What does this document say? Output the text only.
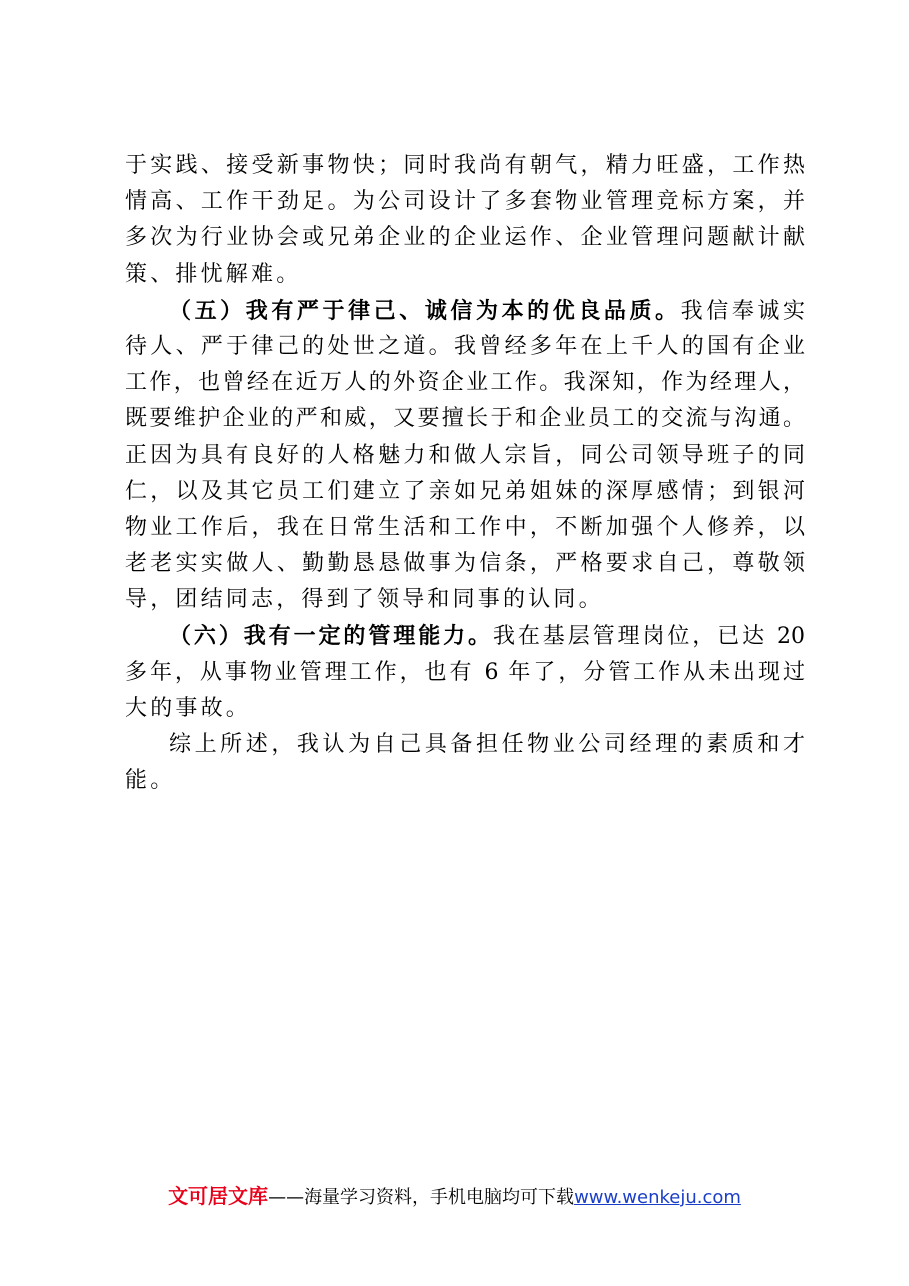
于实践、接受新事物快；同时我尚有朝气，精力旺盛，工作热
情高、工作干劲足。为公司设计了多套物业管理竞标方案，并
多次为行业协会或兄弟企业的企业运作、企业管理问题献计献
策、排忧解难。
（五）我有严于律己、诚信为本的优良品质。我信奉诚实
待人、严于律己的处世之道。我曾经多年在上千人的国有企业
工作，也曾经在近万人的外资企业工作。我深知，作为经理人，
既要维护企业的严和威，又要擅长于和企业员工的交流与沟通。
正因为具有良好的人格魅力和做人宗旨，同公司领导班子的同
仁，以及其它员工们建立了亲如兄弟姐妹的深厚感情；到银河
物业工作后，我在日常生活和工作中，不断加强个人修养，以
老老实实做人、勤勤恳恳做事为信条，严格要求自己，尊敬领
导，团结同志，得到了领导和同事的认同。
（六）我有一定的管理能力。我在基层管理岗位，已达 20
多年，从事物业管理工作，也有 6 年了，分管工作从未出现过
大的事故。
综上所述，我认为自己具备担任物业公司经理的素质和才
能。
文可居文库——海量学习资料，手机电脑均可下载www.wenkeju.com
